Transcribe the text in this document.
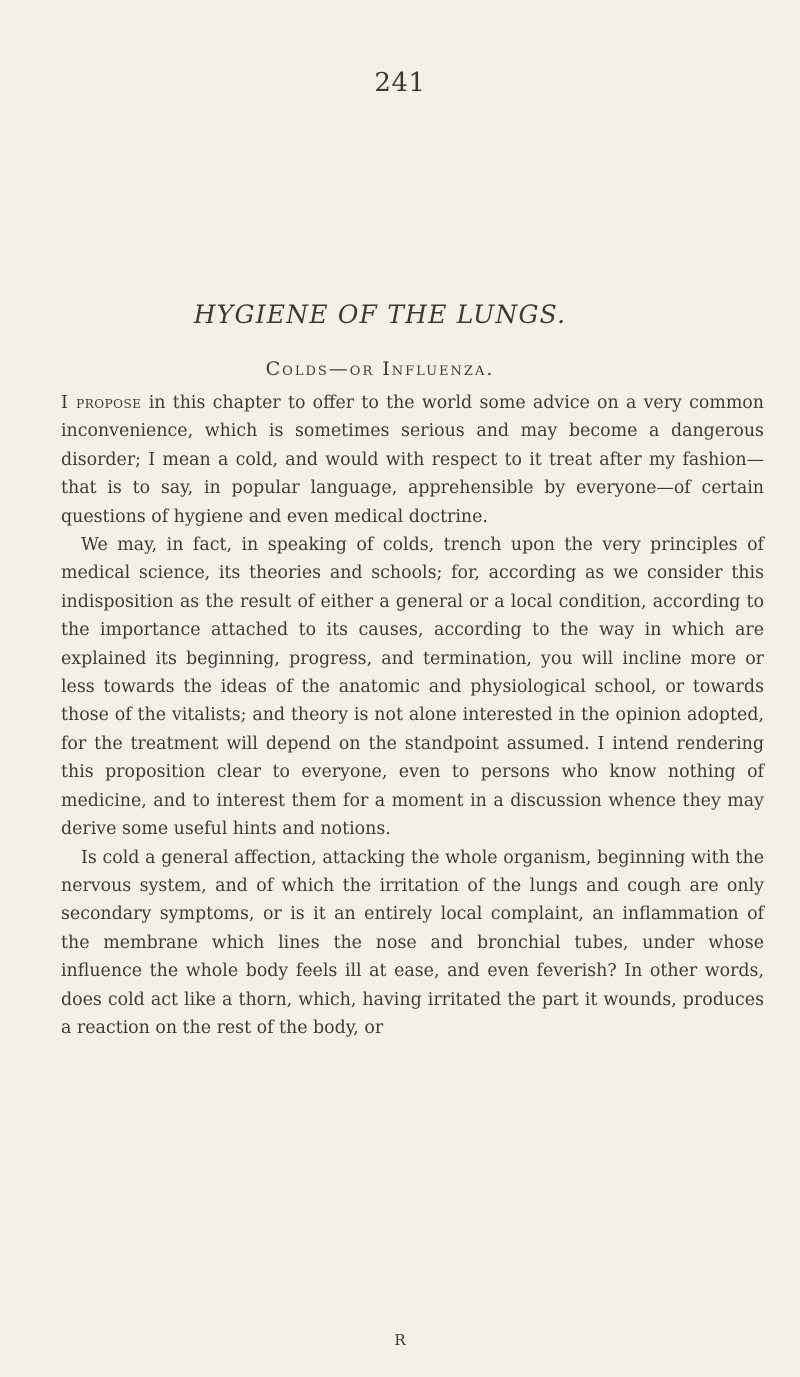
241
HYGIENE OF THE LUNGS.
Colds—or Influenza.

I propose in this chapter to offer to the world some advice on a very common inconvenience, which is sometimes serious and may become a dangerous disorder; I mean a cold, and would with respect to it treat after my fashion—that is to say, in popular language, apprehensible by everyone—of certain questions of hygiene and even medical doctrine.

We may, in fact, in speaking of colds, trench upon the very principles of medical science, its theories and schools; for, according as we consider this indisposition as the result of either a general or a local condition, according to the importance attached to its causes, according to the way in which are explained its beginning, progress, and termination, you will incline more or less towards the ideas of the anatomic and physiological school, or towards those of the vitalists; and theory is not alone interested in the opinion adopted, for the treatment will depend on the standpoint assumed. I intend rendering this proposition clear to everyone, even to persons who know nothing of medicine, and to interest them for a moment in a discussion whence they may derive some useful hints and notions.

Is cold a general affection, attacking the whole organism, beginning with the nervous system, and of which the irritation of the lungs and cough are only secondary symptoms, or is it an entirely local complaint, an inflammation of the membrane which lines the nose and bronchial tubes, under whose influence the whole body feels ill at ease, and even feverish? In other words, does cold act like a thorn, which, having irritated the part it wounds, produces a reaction on the rest of the body, or

R
